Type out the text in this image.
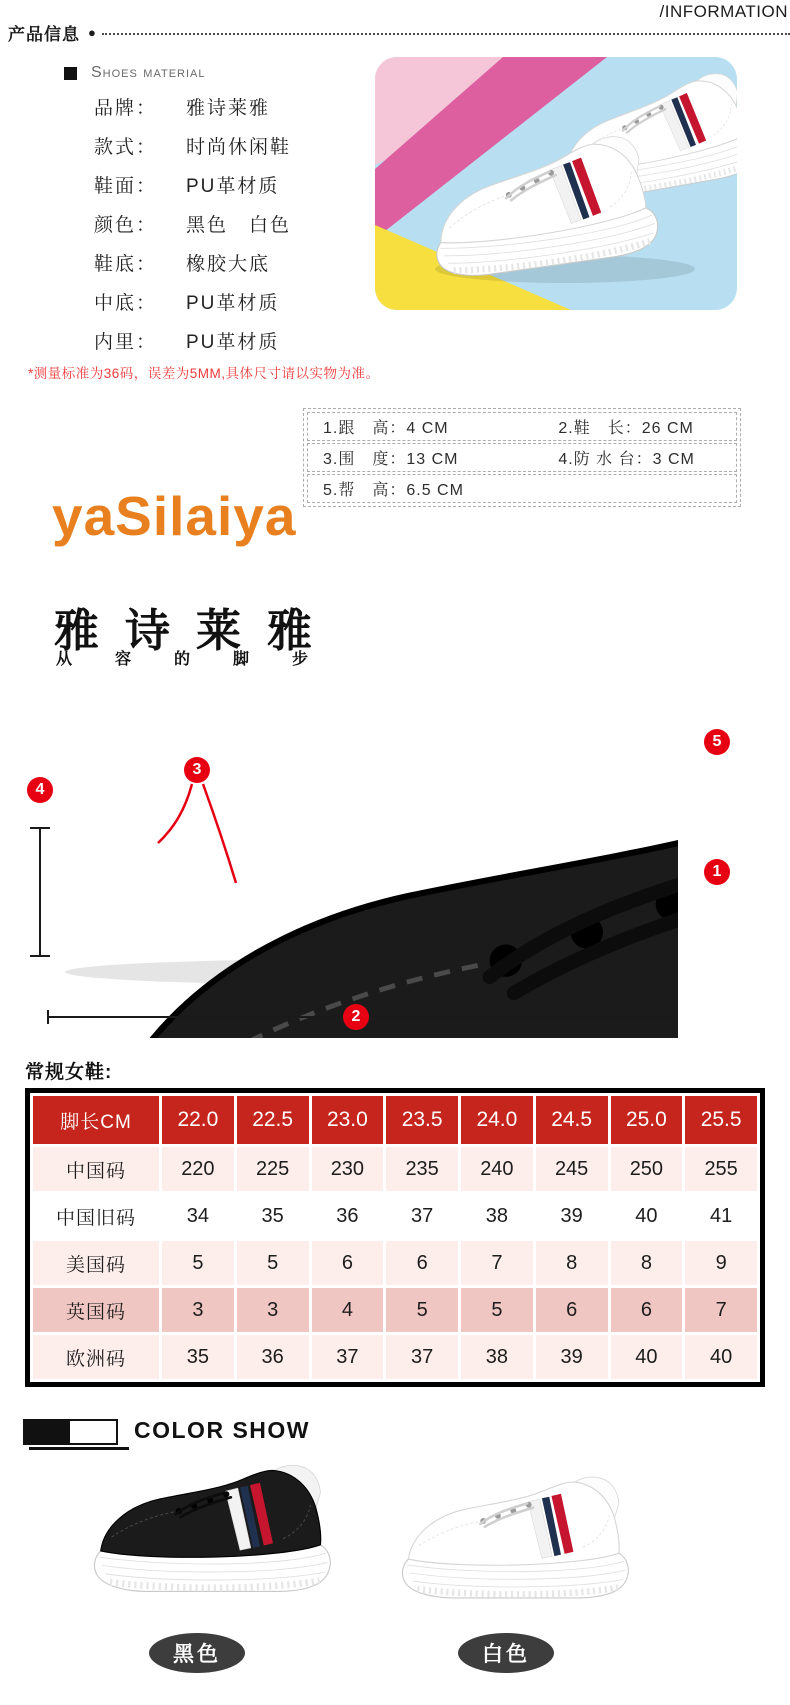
/INFORMATION
产品信息 ●
Shoes material
品牌： 雅诗莱雅
款式： 时尚休闲鞋
鞋面： PU革材质
颜色： 黑色　白色
鞋底： 橡胶大底
中底： PU革材质
内里： PU革材质
*测量标准为36码，误差为5MM,具体尺寸请以实物为准。
1.跟　高：4 CM	2.鞋　长：26 CM
3.围　度：13 CM	4.防 水 台：3 CM
5.帮　高：6.5 CM
yaSilaiya
雅诗莱雅
从容的脚步
1
2
3
4
5
常规女鞋:
脚长CM	22.0	22.5	23.0	23.5	24.0	24.5	25.0	25.5
中国码	220	225	230	235	240	245	250	255
中国旧码	34	35	36	37	38	39	40	41
美国码	5	5	6	6	7	8	8	9
英国码	3	3	4	5	5	6	6	7
欧洲码	35	36	37	37	38	39	40	40
COLOR SHOW
黑色	白色
